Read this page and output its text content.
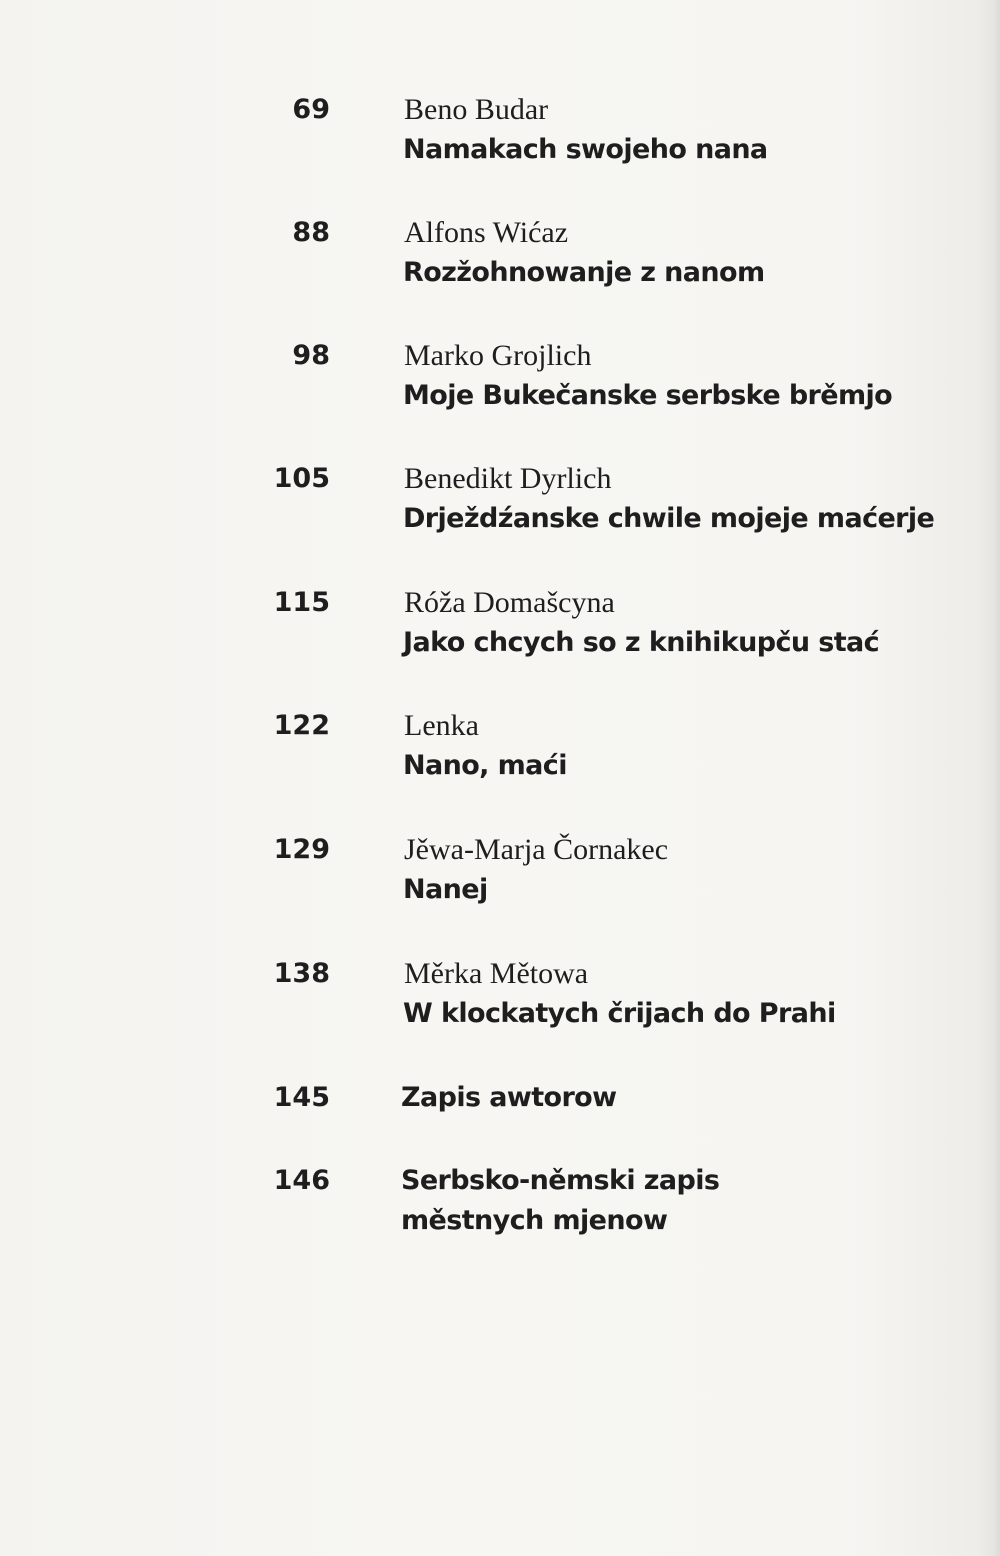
69 Beno Budar
Namakach swojeho nana
88 Alfons Wićaz
Rozžohnowanje z nanom
98 Marko Grojlich
Moje Bukečanske serbske brěmjo
105 Benedikt Dyrlich
Drježdźanske chwile mojeje maćerje
115 Róža Domašcyna
Jako chcych so z knihikupču stać
122 Lenka
Nano, maći
129 Jěwa-Marja Čornakec
Nanej
138 Měrka Mětowa
W klockatych črijach do Prahi
145	Zapis awtorow
146	Serbsko-němski zapis
městnych mjenow
